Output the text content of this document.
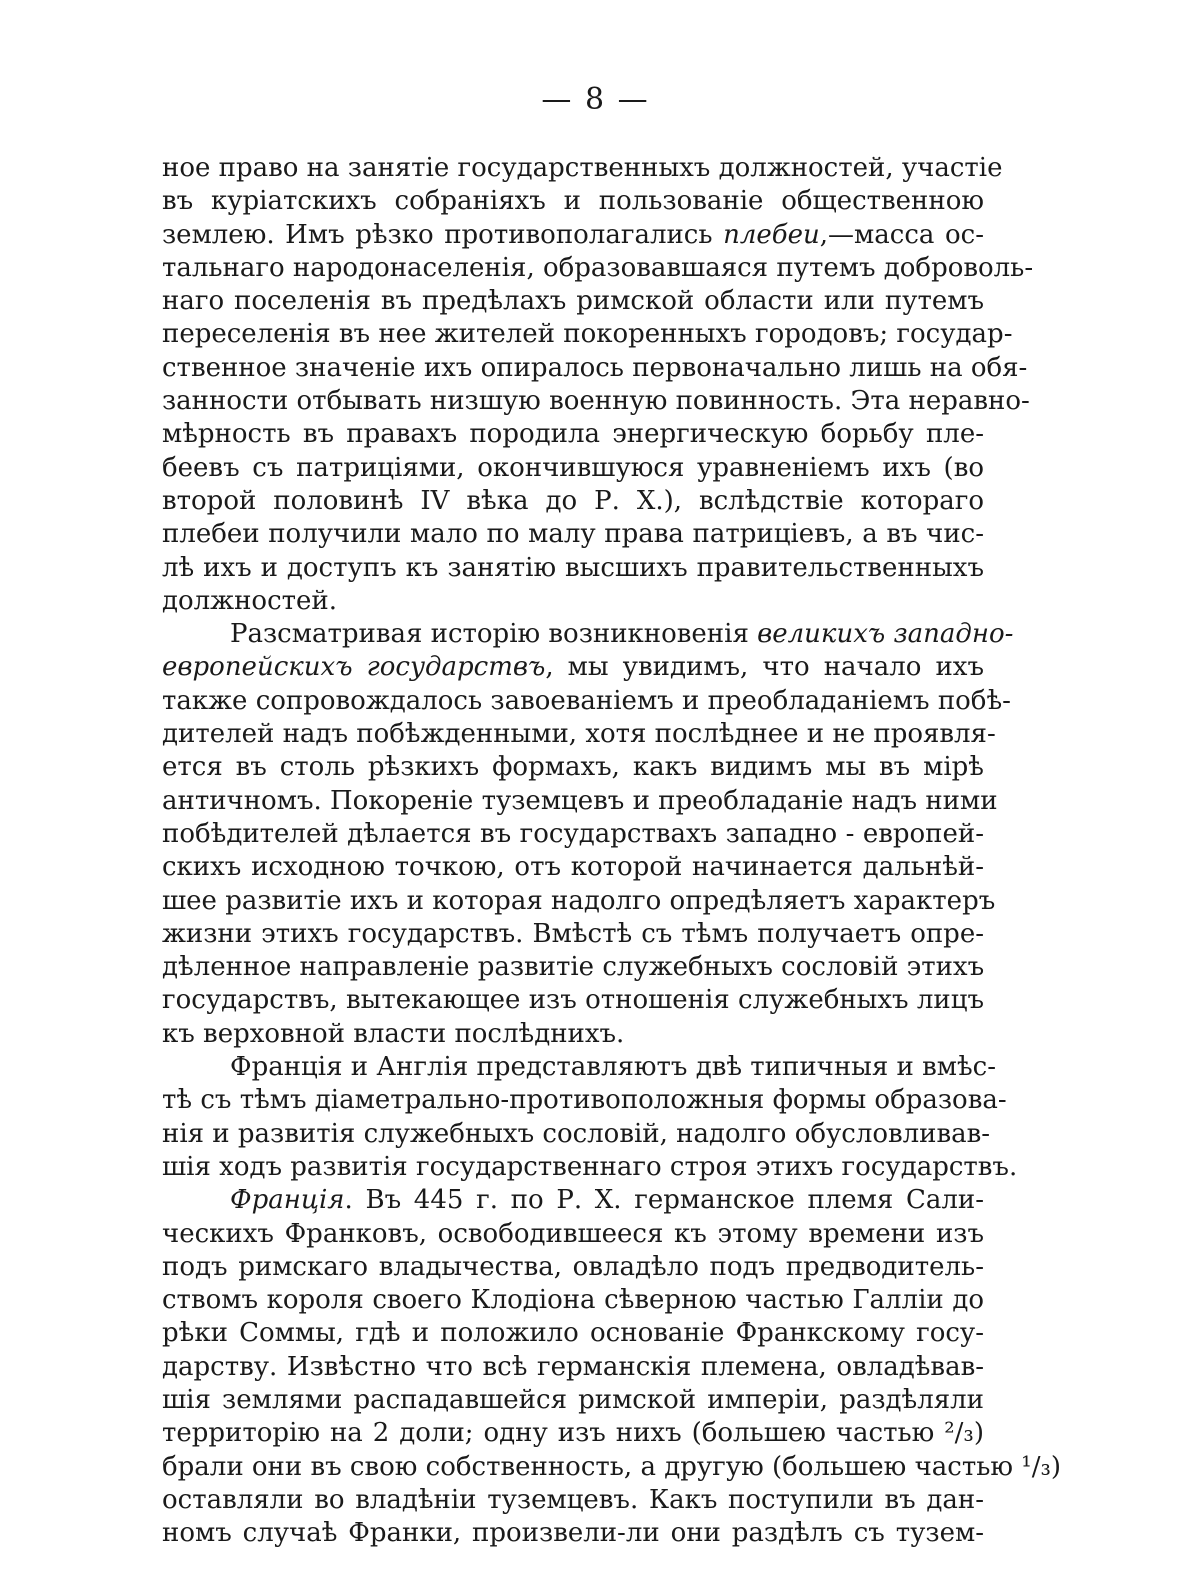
— 8 —
ное право на занятіе государственныхъ должностей, участіе
въ куріатскихъ собраніяхъ и пользованіе общественною
землею. Имъ рѣзко противополагались плебеи,—масса ос-
тальнаго народонаселенія, образовавшаяся путемъ доброволь-
наго поселенія въ предѣлахъ римской области или путемъ
переселенія въ нее жителей покоренныхъ городовъ; государ-
ственное значеніе ихъ опиралось первоначально лишь на обя-
занности отбывать низшую военную повинность. Эта неравно-
мѣрность въ правахъ породила энергическую борьбу пле-
беевъ съ патриціями, окончившуюся уравненіемъ ихъ (во
второй половинѣ IV вѣка до Р. Х.), вслѣдствіе котораго
плебеи получили мало по малу права патриціевъ, а въ чис-
лѣ ихъ и доступъ къ занятію высшихъ правительственныхъ
должностей.
Разсматривая исторію возникновенія великихъ западно-
европейскихъ государствъ, мы увидимъ, что начало ихъ
также сопровождалось завоеваніемъ и преобладаніемъ побѣ-
дителей надъ побѣжденными, хотя послѣднее и не проявля-
ется въ столь рѣзкихъ формахъ, какъ видимъ мы въ мірѣ
античномъ. Покореніе туземцевъ и преобладаніе надъ ними
побѣдителей дѣлается въ государствахъ западно - европей-
скихъ исходною точкою, отъ которой начинается дальнѣй-
шее развитіе ихъ и которая надолго опредѣляетъ характеръ
жизни этихъ государствъ. Вмѣстѣ съ тѣмъ получаетъ опре-
дѣленное направленіе развитіе служебныхъ сословій этихъ
государствъ, вытекающее изъ отношенія служебныхъ лицъ
къ верховной власти послѣднихъ.
Франція и Англія представляютъ двѣ типичныя и вмѣс-
тѣ съ тѣмъ діаметрально-противоположныя формы образова-
нія и развитія служебныхъ сословій, надолго обусловливав-
шія ходъ развитія государственнаго строя этихъ государствъ.
Франція. Въ 445 г. по Р. Х. германское племя Сали-
ческихъ Франковъ, освободившееся къ этому времени изъ
подъ римскаго владычества, овладѣло подъ предводитель-
ствомъ короля своего Клодіона сѣверною частью Галліи до
рѣки Соммы, гдѣ и положило основаніе Франкскому госу-
дарству. Извѣстно что всѣ германскія племена, овладѣвав-
шія землями распадавшейся римской имперіи, раздѣляли
территорію на 2 доли; одну изъ нихъ (большею частью ²/₃)
брали они въ свою собственность, а другую (большею частью ¹/₃)
оставляли во владѣніи туземцевъ. Какъ поступили въ дан-
номъ случаѣ Франки, произвели-ли они раздѣлъ съ тузем-
